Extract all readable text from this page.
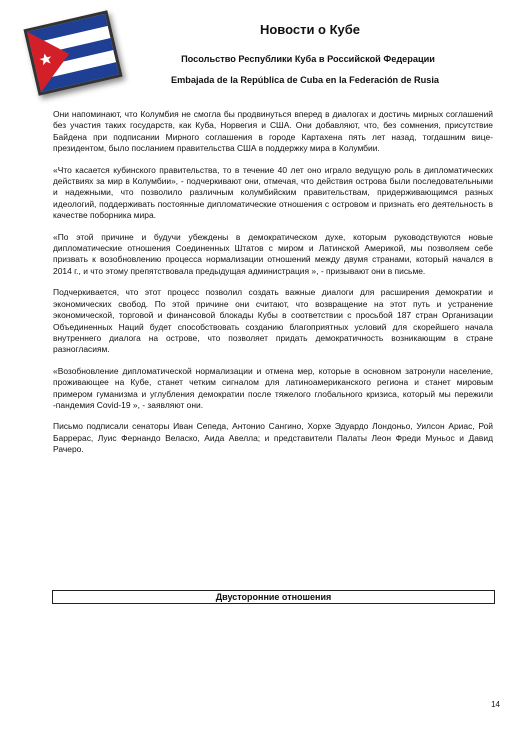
Новости о Кубе
Посольство Республики Куба в Российской Федерации
Embajada de la República de Cuba en la Federación de Rusia

Они напоминают, что Колумбия не смогла бы продвинуться вперед в диалогах и достичь мирных соглашений без участия таких государств, как Куба, Норвегия и США. Они добавляют, что, без сомнения, присутствие Байдена при подписании Мирного соглашения в городе Картахена пять лет назад, тогдашним вице-президентом, было посланием правительства США в поддержку мира в Колумбии.

«Что касается кубинского правительства, то в течение 40 лет оно играло ведущую роль в дипломатических действиях за мир в Колумбии», - подчеркивают они, отмечая, что действия острова были последовательными и надежными, что позволило различным колумбийским правительствам, придерживающимся разных идеологий, поддерживать постоянные дипломатические отношения с островом и признать его деятельность в качестве поборника мира.

«По этой причине и будучи убеждены в демократическом духе, которым руководствуются новые дипломатические отношения Соединенных Штатов с миром и Латинской Америкой, мы позволяем себе призвать к возобновлению процесса нормализации отношений между двумя странами, который начался в 2014 г., и что этому препятствовала предыдущая администрация », - призывают они в письме.

Подчеркивается, что этот процесс позволил создать важные диалоги для расширения демократии и экономических свобод. По этой причине они считают, что возвращение на этот путь и устранение экономической, торговой и финансовой блокады Кубы в соответствии с просьбой 187 стран Организации Объединенных Наций будет способствовать созданию благоприятных условий для скорейшего начала внутреннего диалога на острове, что позволяет придать демократичность возникающим в стране разногласиям.

«Возобновление дипломатической нормализации и отмена мер, которые в основном затронули население, проживающее на Кубе, станет четким сигналом для латиноамериканского региона и станет мировым примером гуманизма и углубления демократии после тяжелого глобального кризиса, который мы пережили -пандемия Covid-19 », - заявляют они.

Письмо подписали сенаторы Иван Сепеда, Антонио Сангино, Хорхе Эдуардо Лондоньо, Уилсон Ариас, Рой Баррерас, Луис Фернандо Веласко, Аида Авелла; и представители Палаты Леон Фреди Муньос и Давид Рачеро.

Двусторонние отношения
14
